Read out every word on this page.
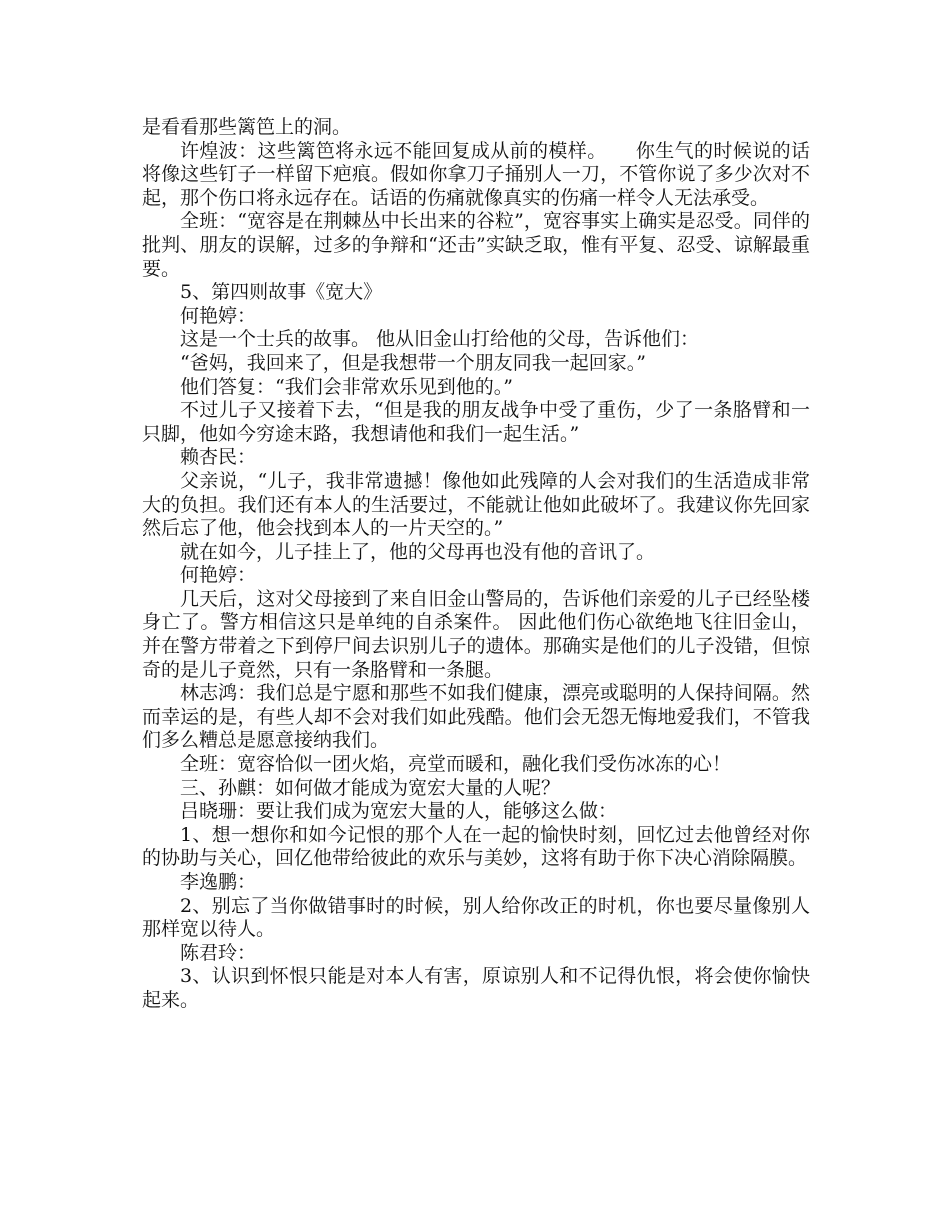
是看看那些篱笆上的洞。

许煌波：这些篱笆将永远不能回复成从前的模样。　　你生气的时候说的话将像这些钉子一样留下疤痕。假如你拿刀子捅别人一刀，不管你说了多少次对不起，那个伤口将永远存在。话语的伤痛就像真实的伤痛一样令人无法承受。

全班：“宽容是在荆棘丛中长出来的谷粒”，宽容事实上确实是忍受。同伴的批判、朋友的误解，过多的争辩和“还击”实缺乏取，惟有平复、忍受、谅解最重要。

5、第四则故事《宽大》

何艳婷：

这是一个士兵的故事。 他从旧金山打给他的父母，告诉他们：

“爸妈，我回来了，但是我想带一个朋友同我一起回家。”

他们答复：“我们会非常欢乐见到他的。”

不过儿子又接着下去，“但是我的朋友战争中受了重伤，少了一条胳臂和一只脚，他如今穷途末路，我想请他和我们一起生活。”

赖杏民：

父亲说，“儿子，我非常遗撼！像他如此残障的人会对我们的生活造成非常大的负担。我们还有本人的生活要过，不能就让他如此破坏了。我建议你先回家然后忘了他，他会找到本人的一片天空的。”

就在如今，儿子挂上了，他的父母再也没有他的音讯了。

何艳婷：

几天后，这对父母接到了来自旧金山警局的，告诉他们亲爱的儿子已经坠楼身亡了。警方相信这只是单纯的自杀案件。 因此他们伤心欲绝地飞往旧金山，并在警方带着之下到停尸间去识别儿子的遗体。那确实是他们的儿子没错，但惊奇的是儿子竟然，只有一条胳臂和一条腿。

林志鸿：我们总是宁愿和那些不如我们健康，漂亮或聪明的人保持间隔。然而幸运的是，有些人却不会对我们如此残酷。他们会无怨无悔地爱我们，不管我们多么糟总是愿意接纳我们。

全班：宽容恰似一团火焰，亮堂而暖和，融化我们受伤冰冻的心！

三、孙麒：如何做才能成为宽宏大量的人呢？

吕晓珊：要让我们成为宽宏大量的人，能够这么做：

1、想一想你和如今记恨的那个人在一起的愉快时刻，回忆过去他曾经对你的协助与关心，回亿他带给彼此的欢乐与美妙，这将有助于你下决心消除隔膜。

李逸鹏：

2、别忘了当你做错事时的时候，别人给你改正的时机，你也要尽量像别人那样宽以待人。

陈君玲：

3、认识到怀恨只能是对本人有害，原谅别人和不记得仇恨，将会使你愉快起来。
